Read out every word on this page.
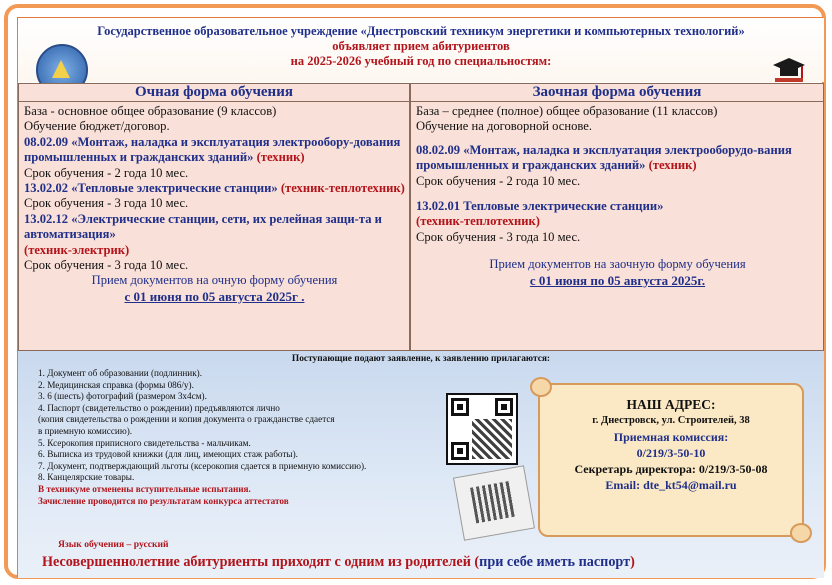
Государственное образовательное учреждение «Днестровский техникум энергетики и компьютерных технологий»
объявляет прием абитуриентов
на 2025-2026 учебный год по специальностям:
Очная форма обучения

База - основное общее образование (9 классов)

Обучение бюджет/договор.

08.02.09 «Монтаж, наладка и эксплуатация электрообору-дования промышленных и гражданских зданий» (техник)

Срок обучения - 2 года 10 мес.

13.02.02 «Тепловые электрические станции» (техник-теплотехник)

Срок обучения - 3 года 10 мес.

13.02.12 «Электрические станции, сети, их релейная защи-та и автоматизация»

(техник-электрик)

Срок обучения - 3 года 10 мес.

Прием документов на очную форму обучения

с 01 июня по 05 августа 2025г .

Заочная форма обучения

База – среднее (полное) общее образование (11 классов)

Обучение на договорной основе.

08.02.09 «Монтаж, наладка и эксплуатация электрооборудо-вания промышленных и гражданских зданий» (техник)

Срок обучения - 2 года 10 мес.

13.02.01 Тепловые электрические станции»

(техник-теплотехник)

Срок обучения - 3 года 10 мес.

Прием документов на заочную форму обучения

с 01 июня по 05 августа 2025г.

Поступающие подают заявление, к заявлению прилагаются:

1. Документ об образовании (подлинник).

2. Медицинская справка (формы 086/у).

3. 6 (шесть) фотографий (размером 3х4см).

4. Паспорт (свидетельство о рождении) предъявляются лично

(копия свидетельства о рождении и копия документа о гражданстве сдается

в приемную комиссию).

5. Ксерокопия приписного свидетельства - мальчикам.

6. Выписка из трудовой книжки (для лиц, имеющих стаж работы).

7. Документ, подтверждающий льготы (ксерокопия сдается в приемную комиссию).

8. Канцелярские товары.

В техникуме отменены вступительные испытания.

Зачисление проводится по результатам конкурса аттестатов

НАШ АДРЕС:
г. Днестровск, ул. Строителей, 38
Приемная комиссия:
0/219/3-50-10
Секретарь директора: 0/219/3-50-08
Email: dte_kt54@mail.ru
Язык обучения – русский
Несовершеннолетние абитуриенты приходят с одним из родителей (при себе иметь паспорт)
